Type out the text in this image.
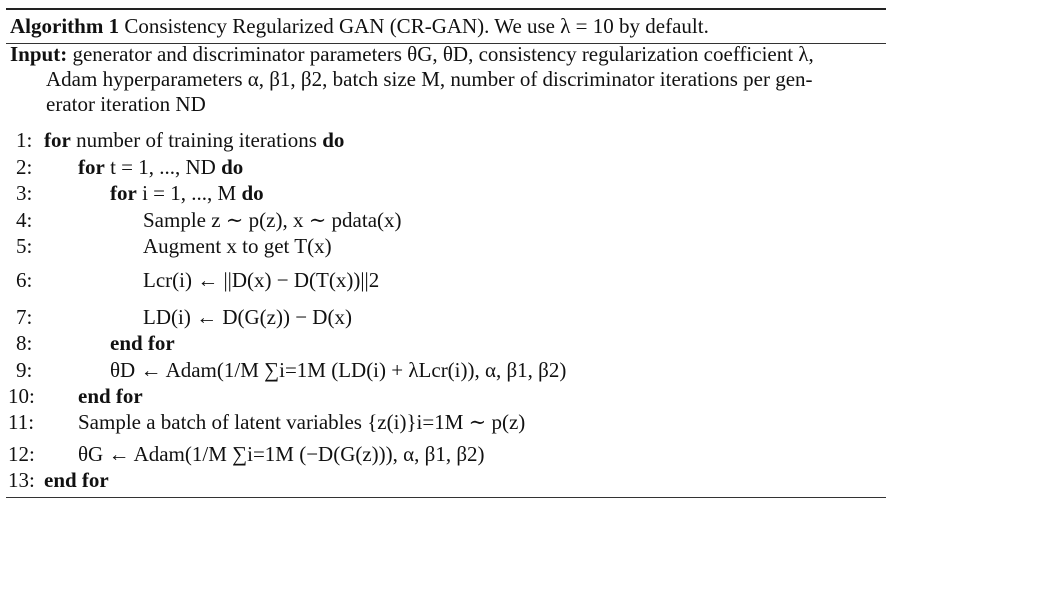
Algorithm 1 Consistency Regularized GAN (CR-GAN). We use λ = 10 by default.
Input: generator and discriminator parameters θG, θD, consistency regularization coefficient λ,
Adam hyperparameters α, β1, β2, batch size M, number of discriminator iterations per gen-
erator iteration ND
1: for number of training iterations do
2:	for t = 1, ..., ND do
3:	for i = 1, ..., M do
4:	Sample z ∼ p(z), x ∼ pdata(x)
5:	Augment x to get T(x)
6:	Lcr(i) ← ||D(x) − D(T(x))||2
7:	LD(i) ← D(G(z)) − D(x)
8:	end for
9:	θD ← Adam(1/M ∑i=1M (LD(i) + λLcr(i)), α, β1, β2)
10:	end for
11:	Sample a batch of latent variables {z(i)}i=1M ∼ p(z)
12:	θG ← Adam(1/M ∑i=1M (−D(G(z))), α, β1, β2)
13: end for
